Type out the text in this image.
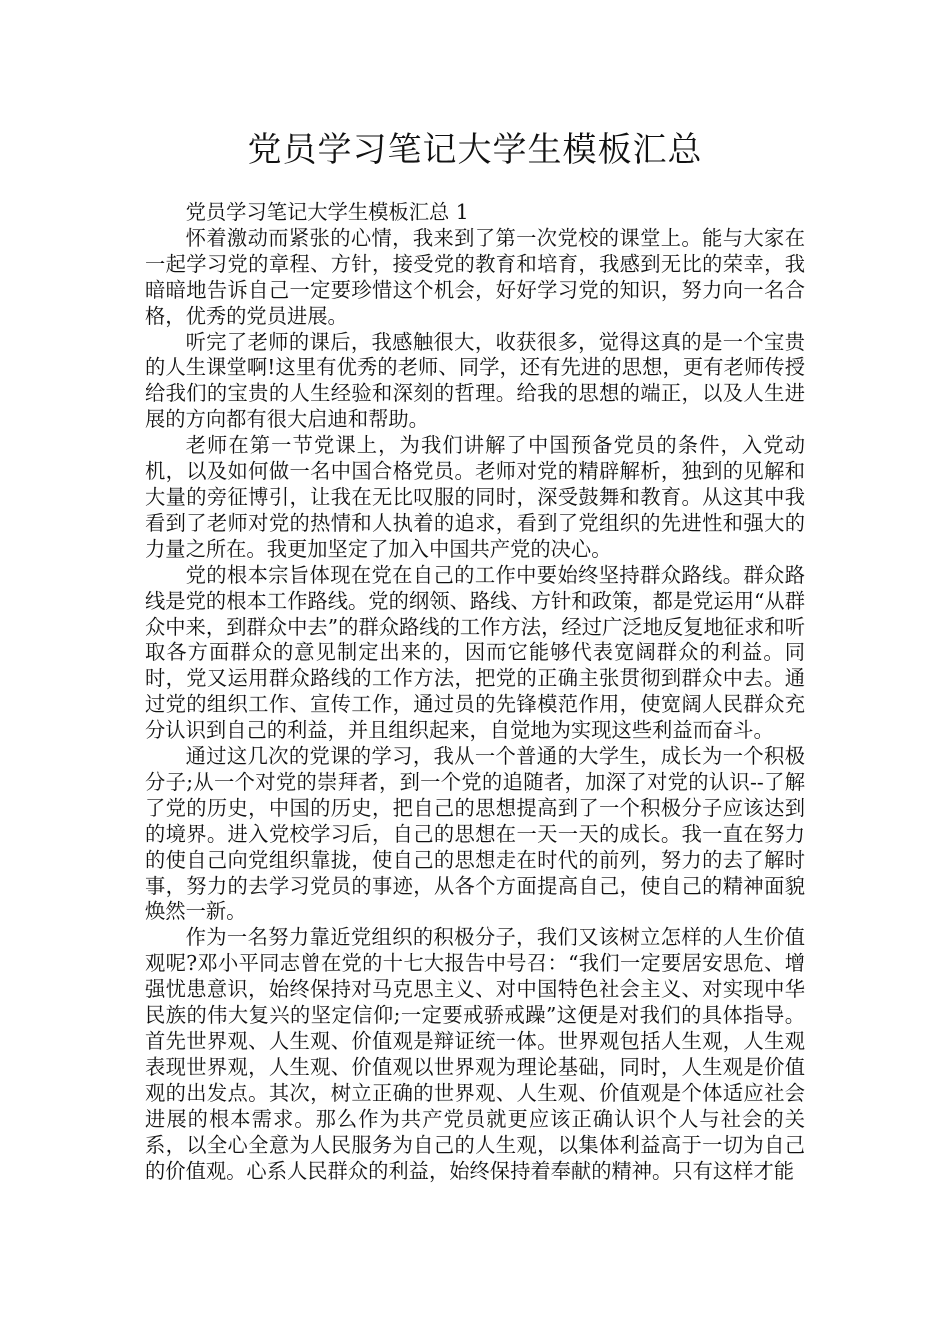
党员学习笔记大学生模板汇总

党员学习笔记大学生模板汇总 1

怀着激动而紧张的心情，我来到了第一次党校的课堂上。能与大家在一起学习党的章程、方针，接受党的教育和培育，我感到无比的荣幸，我暗暗地告诉自己一定要珍惜这个机会，好好学习党的知识，努力向一名合格，优秀的党员进展。

听完了老师的课后，我感触很大，收获很多，觉得这真的是一个宝贵的人生课堂啊!这里有优秀的老师、同学，还有先进的思想，更有老师传授给我们的宝贵的人生经验和深刻的哲理。给我的思想的端正，以及人生进展的方向都有很大启迪和帮助。

老师在第一节党课上，为我们讲解了中国预备党员的条件，入党动机，以及如何做一名中国合格党员。老师对党的精辟解析，独到的见解和大量的旁征博引，让我在无比叹服的同时，深受鼓舞和教育。从这其中我看到了老师对党的热情和人执着的追求，看到了党组织的先进性和强大的力量之所在。我更加坚定了加入中国共产党的决心。

党的根本宗旨体现在党在自己的工作中要始终坚持群众路线。群众路线是党的根本工作路线。党的纲领、路线、方针和政策，都是党运用“从群众中来，到群众中去”的群众路线的工作方法，经过广泛地反复地征求和听取各方面群众的意见制定出来的，因而它能够代表宽阔群众的利益。同时，党又运用群众路线的工作方法，把党的正确主张贯彻到群众中去。通过党的组织工作、宣传工作，通过员的先锋模范作用，使宽阔人民群众充分认识到自己的利益，并且组织起来，自觉地为实现这些利益而奋斗。

通过这几次的党课的学习，我从一个普通的大学生，成长为一个积极分子;从一个对党的崇拜者，到一个党的追随者，加深了对党的认识--了解了党的历史，中国的历史，把自己的思想提高到了一个积极分子应该达到的境界。进入党校学习后，自己的思想在一天一天的成长。我一直在努力的使自己向党组织靠拢，使自己的思想走在时代的前列，努力的去了解时事，努力的去学习党员的事迹，从各个方面提高自己，使自己的精神面貌焕然一新。

作为一名努力靠近党组织的积极分子，我们又该树立怎样的人生价值观呢?邓小平同志曾在党的十七大报告中号召：“我们一定要居安思危、增强忧患意识，始终保持对马克思主义、对中国特色社会主义、对实现中华民族的伟大复兴的坚定信仰;一定要戒骄戒躁”这便是对我们的具体指导。首先世界观、人生观、价值观是辩证统一体。世界观包括人生观，人生观表现世界观，人生观、价值观以世界观为理论基础，同时，人生观是价值观的出发点。其次，树立正确的世界观、人生观、价值观是个体适应社会进展的根本需求。那么作为共产党员就更应该正确认识个人与社会的关系，以全心全意为人民服务为自己的人生观，以集体利益高于一切为自己的价值观。心系人民群众的利益，始终保持着奉献的精神。只有这样才能
